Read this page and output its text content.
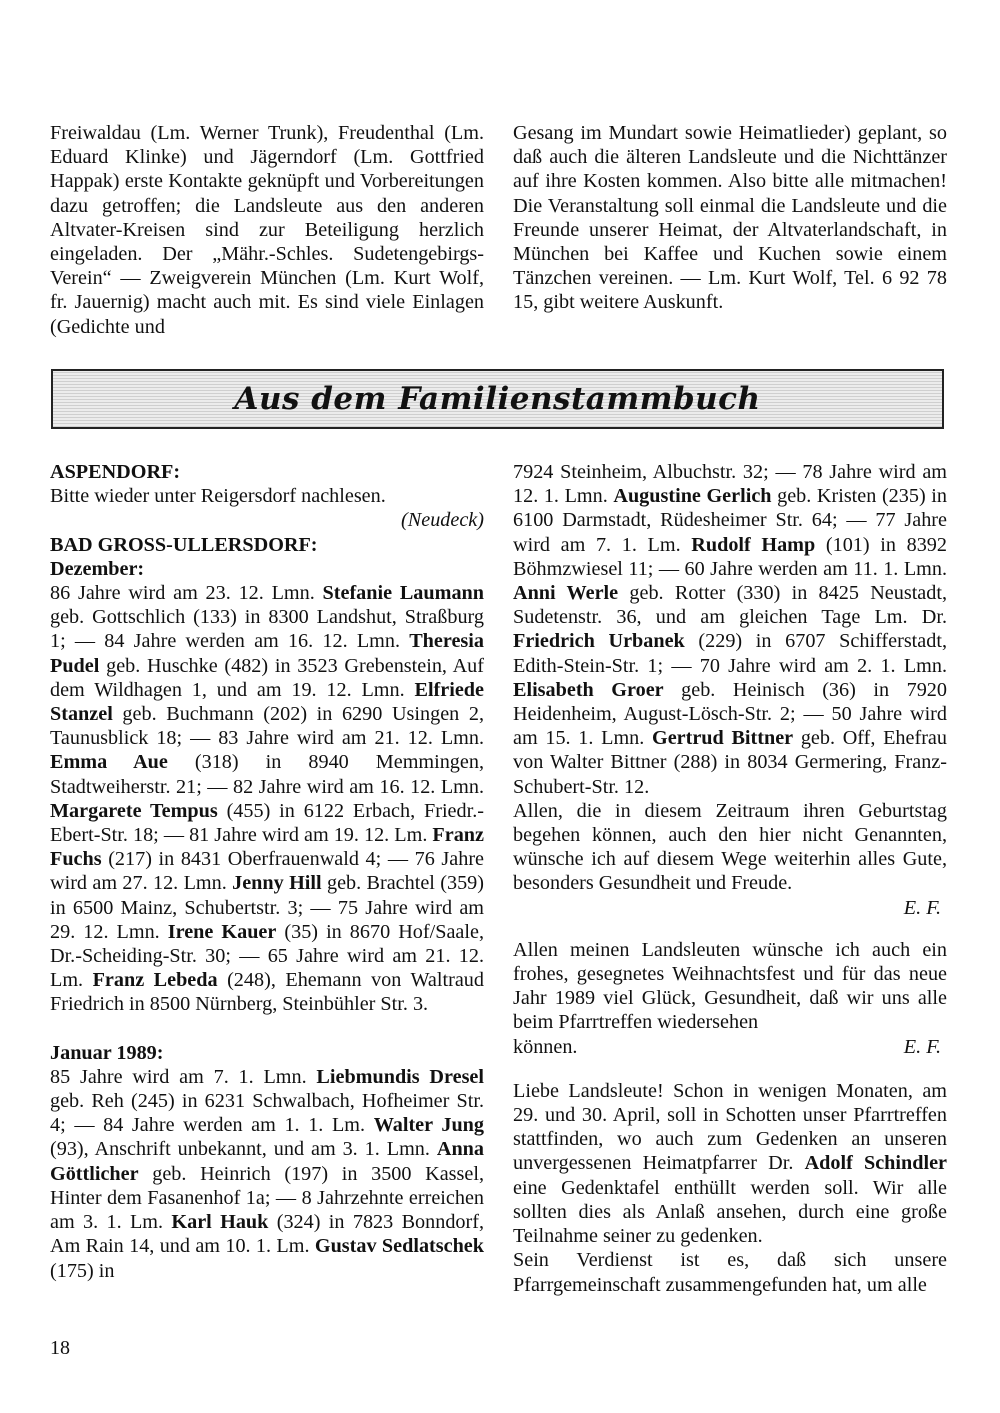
Freiwaldau (Lm. Werner Trunk), Freudenthal (Lm. Eduard Klinke) und Jägerndorf (Lm. Gottfried Happak) erste Kontakte geknüpft und Vorbereitungen dazu getroffen; die Landsleute aus den anderen Altvater-Kreisen sind zur Beteiligung herzlich eingeladen. Der „Mähr.-Schles. Sudetengebirgs-Verein“ — Zweigverein München (Lm. Kurt Wolf, fr. Jauernig) macht auch mit. Es sind viele Einlagen (Gedichte und

Gesang im Mundart sowie Heimatlieder) geplant, so daß auch die älteren Landsleute und die Nichttänzer auf ihre Kosten kommen. Also bitte alle mitmachen! Die Veranstaltung soll einmal die Landsleute und die Freunde unserer Heimat, der Altvaterlandschaft, in München bei Kaffee und Kuchen sowie einem Tänzchen vereinen. — Lm. Kurt Wolf, Tel. 6 92 78 15, gibt weitere Auskunft.

Aus dem Familienstammbuch

ASPENDORF:

Bitte wieder unter Reigersdorf nachlesen.

(Neudeck)

BAD GROSS-ULLERSDORF:

Dezember:

86 Jahre wird am 23. 12. Lmn. Stefanie Laumann geb. Gottschlich (133) in 8300 Landshut, Straßburg 1; — 84 Jahre werden am 16. 12. Lmn. Theresia Pudel geb. Huschke (482) in 3523 Grebenstein, Auf dem Wildhagen 1, und am 19. 12. Lmn. Elfriede Stanzel geb. Buchmann (202) in 6290 Usingen 2, Taunusblick 18; — 83 Jahre wird am 21. 12. Lmn. Emma Aue (318) in 8940 Memmingen, Stadtweiherstr. 21; — 82 Jahre wird am 16. 12. Lmn. Margarete Tempus (455) in 6122 Erbach, Friedr.-Ebert-Str. 18; — 81 Jahre wird am 19. 12. Lm. Franz Fuchs (217) in 8431 Oberfrauenwald 4; — 76 Jahre wird am 27. 12. Lmn. Jenny Hill geb. Brachtel (359) in 6500 Mainz, Schubertstr. 3; — 75 Jahre wird am 29. 12. Lmn. Irene Kauer (35) in 8670 Hof/Saale, Dr.-Scheiding-Str. 30; — 65 Jahre wird am 21. 12. Lm. Franz Lebeda (248), Ehemann von Waltraud Friedrich in 8500 Nürnberg, Steinbühler Str. 3.

Januar 1989:

85 Jahre wird am 7. 1. Lmn. Liebmundis Dresel geb. Reh (245) in 6231 Schwalbach, Hofheimer Str. 4; — 84 Jahre werden am 1. 1. Lm. Walter Jung (93), Anschrift unbekannt, und am 3. 1. Lmn. Anna Göttlicher geb. Heinrich (197) in 3500 Kassel, Hinter dem Fasanenhof 1a; — 8 Jahrzehnte erreichen am 3. 1. Lm. Karl Hauk (324) in 7823 Bonndorf, Am Rain 14, und am 10. 1. Lm. Gustav Sedlatschek (175) in

7924 Steinheim, Albuchstr. 32; — 78 Jahre wird am 12. 1. Lmn. Augustine Gerlich geb. Kristen (235) in 6100 Darmstadt, Rüdesheimer Str. 64; — 77 Jahre wird am 7. 1. Lm. Rudolf Hamp (101) in 8392 Böhmzwiesel 11; — 60 Jahre werden am 11. 1. Lmn. Anni Werle geb. Rotter (330) in 8425 Neustadt, Sudetenstr. 36, und am gleichen Tage Lm. Dr. Friedrich Urbanek (229) in 6707 Schifferstadt, Edith-Stein-Str. 1; — 70 Jahre wird am 2. 1. Lmn. Elisabeth Groer geb. Heinisch (36) in 7920 Heidenheim, August-Lösch-Str. 2; — 50 Jahre wird am 15. 1. Lmn. Gertrud Bittner geb. Off, Ehefrau von Walter Bittner (288) in 8034 Germering, Franz-Schubert-Str. 12.

Allen, die in diesem Zeitraum ihren Geburtstag begehen können, auch den hier nicht Genannten, wünsche ich auf diesem Wege weiterhin alles Gute, besonders Gesundheit und Freude.

E. F.

Allen meinen Landsleuten wünsche ich auch ein frohes, gesegnetes Weihnachtsfest und für das neue Jahr 1989 viel Glück, Gesundheit, daß wir uns alle beim Pfarrtreffen wiedersehen

können.	E. F.

Liebe Landsleute! Schon in wenigen Monaten, am 29. und 30. April, soll in Schotten unser Pfarrtreffen stattfinden, wo auch zum Gedenken an unseren unvergessenen Heimatpfarrer Dr. Adolf Schindler eine Gedenktafel enthüllt werden soll. Wir alle sollten dies als Anlaß ansehen, durch eine große Teilnahme seiner zu gedenken.

Sein Verdienst ist es, daß sich unsere Pfarrgemeinschaft zusammengefunden hat, um alle

18
